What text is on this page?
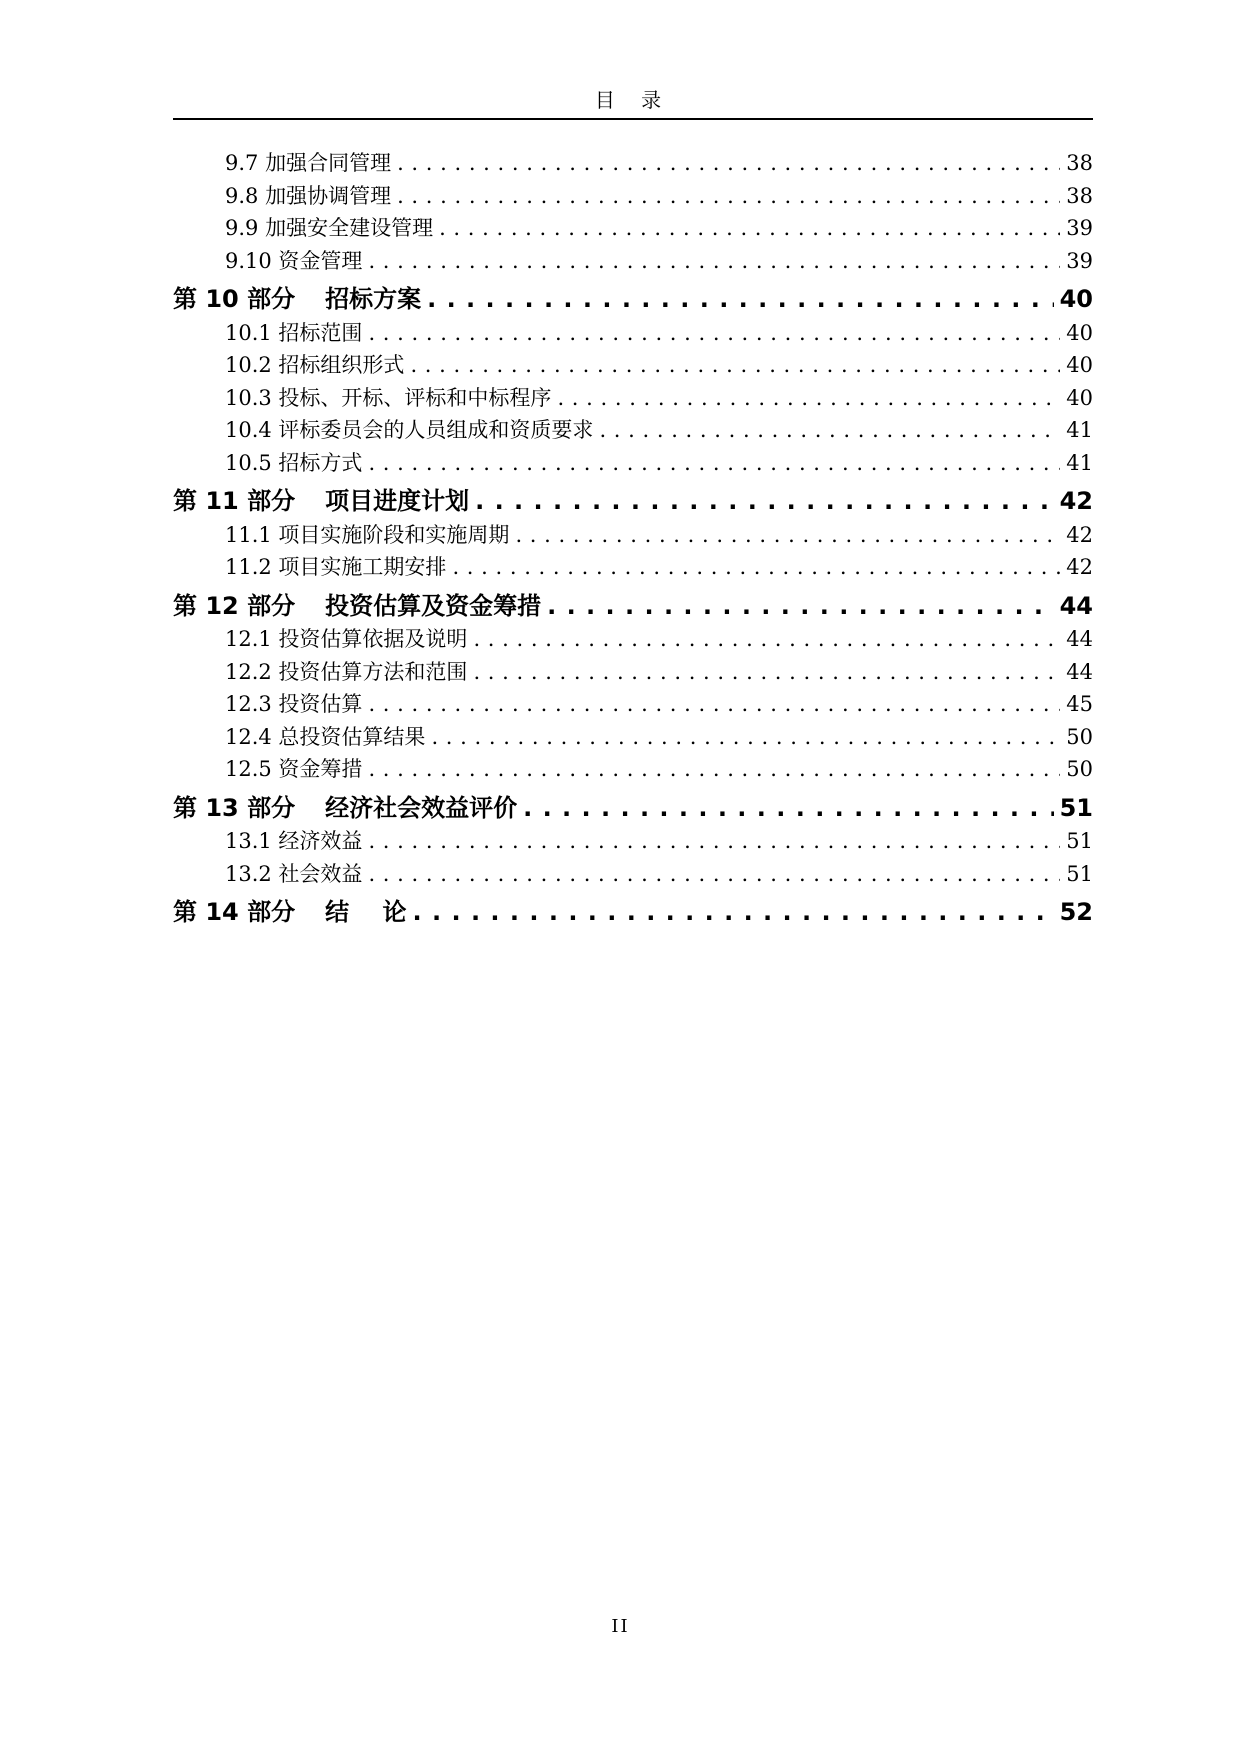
目 录
9.7 加强合同管理 . . .	38
9.8 加强协调管理 . . .	38
9.9 加强安全建设管理 . . .	39
9.10 资金管理 . . .	39
第 10 部分 招标方案 . . .	40
10.1 招标范围 . . .	40
10.2 招标组织形式 . . .	40
10.3 投标、开标、评标和中标程序 . . .	40
10.4 评标委员会的人员组成和资质要求 . . .	41
10.5 招标方式 . . .	41
第 11 部分 项目进度计划 . . .	42
11.1 项目实施阶段和实施周期 . . .	42
11.2 项目实施工期安排 . . .	42
第 12 部分 投资估算及资金筹措 . . .	44
12.1 投资估算依据及说明 . . .	44
12.2 投资估算方法和范围 . . .	44
12.3 投资估算 . . .	45
12.4 总投资估算结果 . . .	50
12.5 资金筹措 . . .	50
第 13 部分 经济社会效益评价 . . .	51
13.1 经济效益 . . .	51
13.2 社会效益 . . .	51
第 14 部分 结    论 . . .	52
II
